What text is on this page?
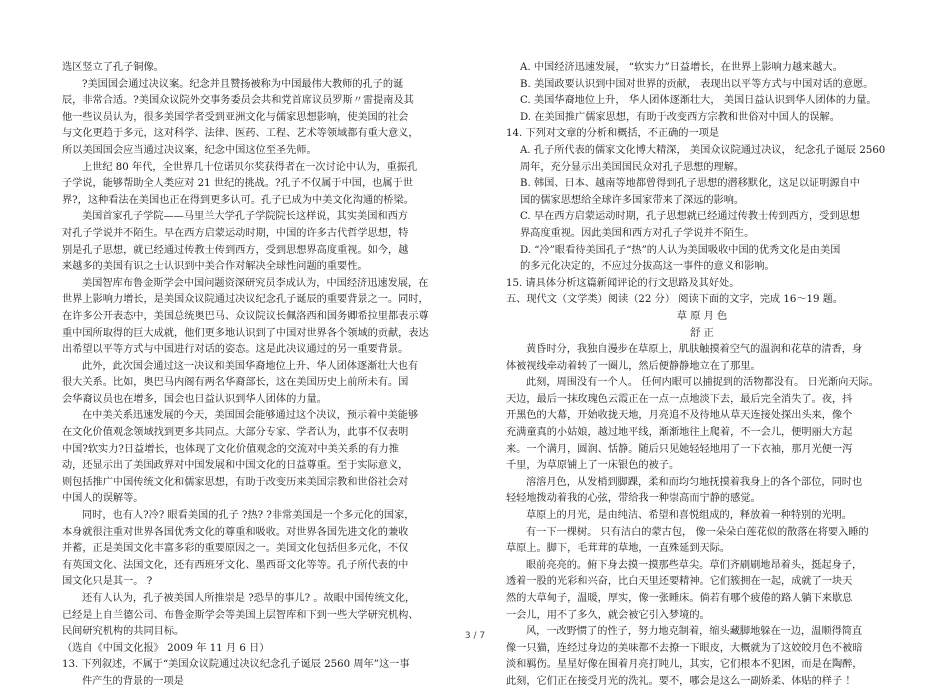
选区竖立了孔子铜像。
?美国国会通过决议案。纪念并且赞扬被称为中国最伟大教师的孔子的诞
辰，非常合适。?美国众议院外交事务委员会共和党首席议员罗斯〃雷提南及其
他一些议员认为，很多美国学者受到亚洲文化与儒家思想影响，使美国的社会
与文化更趋于多元，这对科学、法律、医药、工程、艺术等领域都有重大意义，
所以美国国会应当通过决议案，纪念中国这位至圣先师。
上世纪 80 年代，全世界几十位诺贝尔奖获得者在一次讨论中认为，重振孔
子学说，能够帮助全人类应对 21 世纪的挑战。?孔子不仅属于中国，也属于世
界?，这种看法在美国也正在得到更多认可。孔子已成为中美文化沟通的桥梁。
美国首家孔子学院——马里兰大学孔子学院院长这样说，其实美国和西方
对孔子学说并不陌生。早在西方启蒙运动时期，中国的许多古代哲学思想，特
别是孔子思想，就已经通过传教士传到西方，受到思想界高度重视。如今，越
来越多的美国有识之士认识到中美合作对解决全球性问题的重要性。
美国智库布鲁金斯学会中国问题资深研究员李成认为，中国经济迅速发展，在
世界上影响力增长，是美国众议院通过决议纪念孔子诞辰的重要背景之一。同时，
在许多公开表态中，美国总统奥巴马、众议院议长佩洛西和国务卿希拉里都表示尊
重中国所取得的巨大成就，他们更多地认识到了中国对世界各个领域的贡献，表达
出希望以平等方式与中国进行对话的姿态。这是此决议通过的另一重要背景。
此外，此次国会通过这一决议和美国华裔地位上升、华人团体逐渐壮大也有
很大关系。比如，奥巴马内阁有两名华裔部长，这在美国历史上前所未有。国
会华裔议员也在增多，国会也日益认识到华人团体的力量。
在中美关系迅速发展的今天，美国国会能够通过这个决议，预示着中美能够
在文化价值观念领域找到更多共同点。大部分专家、学者认为，此事不仅表明
中国?软实力?日益增长，也体现了文化价值观念的交流对中美关系的有力推
动，还显示出了美国政界对中国发展和中国文化的日益尊重。至于实际意义，
则包括推广中国传统文化和儒家思想，有助于改变历来美国宗教和世俗社会对
中国人的误解等。
同时，也有人?冷? 眼看美国的孔子 ?热? ?非常美国是一个多元化的国家，
本身就很注重对世界各国优秀文化的尊重和吸收。对世界各国先进文化的兼收
并蓄，正是美国文化丰富多彩的重要原因之一。美国文化包括但多元化，不仅
有英国文化、法国文化，还有西班牙文化、墨西哥文化等等。孔子所代表的中
国文化只是其一。 ?
还有人认为，孔子被美国人所推崇是 ?恐旱的事儿? 。故眼中国传统文化，
已经是上自兰德公司、布鲁金斯学会等美国上层智库和下到一些大学研究机构、
民间研究机构的共同目标。
（选自《中国文化报》 2009 年 11 月 6 日）
13. 下列叙述，不属于“美国众议院通过决议纪念孔子诞辰 2560 周年”这一事
件产生的背景的一项是
A. 中国经济迅速发展， “软实力”日益增长，在世界上影响力越来越大。
B. 美国政要认识到中国对世界的贡献， 表现出以平等方式与中国对话的意愿。
C. 美国华裔地位上升， 华人团体逐渐壮大， 美国日益认识到华人团体的力量。
D. 在美国推广儒家思想，有助于改变西方宗教和世俗对中国人的误解。
14. 下列对文章的分析和概括，不正确的一项是
A. 孔子所代表的儒家文化博大精深， 美国众议院通过决议， 纪念孔子诞辰 2560
周年，充分显示出美国国民众对孔子思想的理解。
B. 韩国、日本、越南等地都曾得到孔子思想的潜移默化，这足以证明源自中
国的儒家思想给全球许多国家带来了深远的影响。
C. 早在西方启蒙运动时期，孔子思想就已经通过传教士传到西方，受到思想
界高度重视。因此美国和西方对孔子学说并不陌生。
D. “冷”眼看待美国孔子“热”的人认为美国吸收中国的优秀文化是由美国
的多元化决定的，不应过分拔高这一事件的意义和影响。
15. 请具体分析这篇新闻评论的行文思路及其好处。
五、现代文（文学类）阅读（22 分） 阅读下面的文字，完成 16～19 题。
草 原 月 色
舒 正
黄昏时分，我独自漫步在草原上，肌肤触摸着空气的温润和花草的清香，身
体被视线牵动着转了一圈儿，然后便静静地立在了那里。
此刻，周围没有一个人。 任何内眼可以捕捉到的活物都没有。 日光渐向天际。
天边，最后一抹玫瑰色云霞正在一点一点地淡下去，最后完全消失了。夜，抖
开黑色的大幕，开始收拢天地，月亮追不及待地从草天连接处探出头来，像个
充满童真的小姑娘，越过地平线，渐渐地往上爬着，不一会儿，便明丽大方起
来。一个满月，圆润、恬静。随后只见她轻轻地用了一下衣袖，那月光便一泻
千里，为草原铺上了一床银色的被子。
溶溶月色，从发梢到脚踝，柔和而均匀地抚摸着我身上的各个部位，同时也
轻轻地拨动着我的心弦，带给我一种崇高而宁静的感觉。
草原上的月光，是由纯洁、希望和喜悦组成的，释放着一种特别的光明。
有一下一棵树。 只有洁白的蒙古包， 像一朵朵白莲花似的散落在将要入睡的
草原上。脚下，毛茸茸的草地，一直殊延到天际。
眼前亮亮的。俯下身去摸一摸那些草尖。草们齐刷刷地昂着头，挺起身子，
透着一股的光彩和兴奋，比白天里还要精神。它们簇拥在一起，成就了一块天
然的大草甸子，温暖，厚实，像一张睡床。倘若有哪个疲倦的路人躺下来歇息
一会儿，用不了多久，就会被它引入梦境的。
风，一改野惯了的性子，努力地克制着，缩头藏脚地躲在一边，温顺得简直
像一只猫，连经过身边的美味都不去撩一下眼皮，大概就为了这姣皎月色不被暗
淡和羁伤。星星好像在围着月亮打盹儿，其实，它们根本不犯困，而是在陶醉，
此刻，它们正在接受月光的洗礼。要不，哪会是这么一副娇柔、体贴的样子 ！
3 / 7
